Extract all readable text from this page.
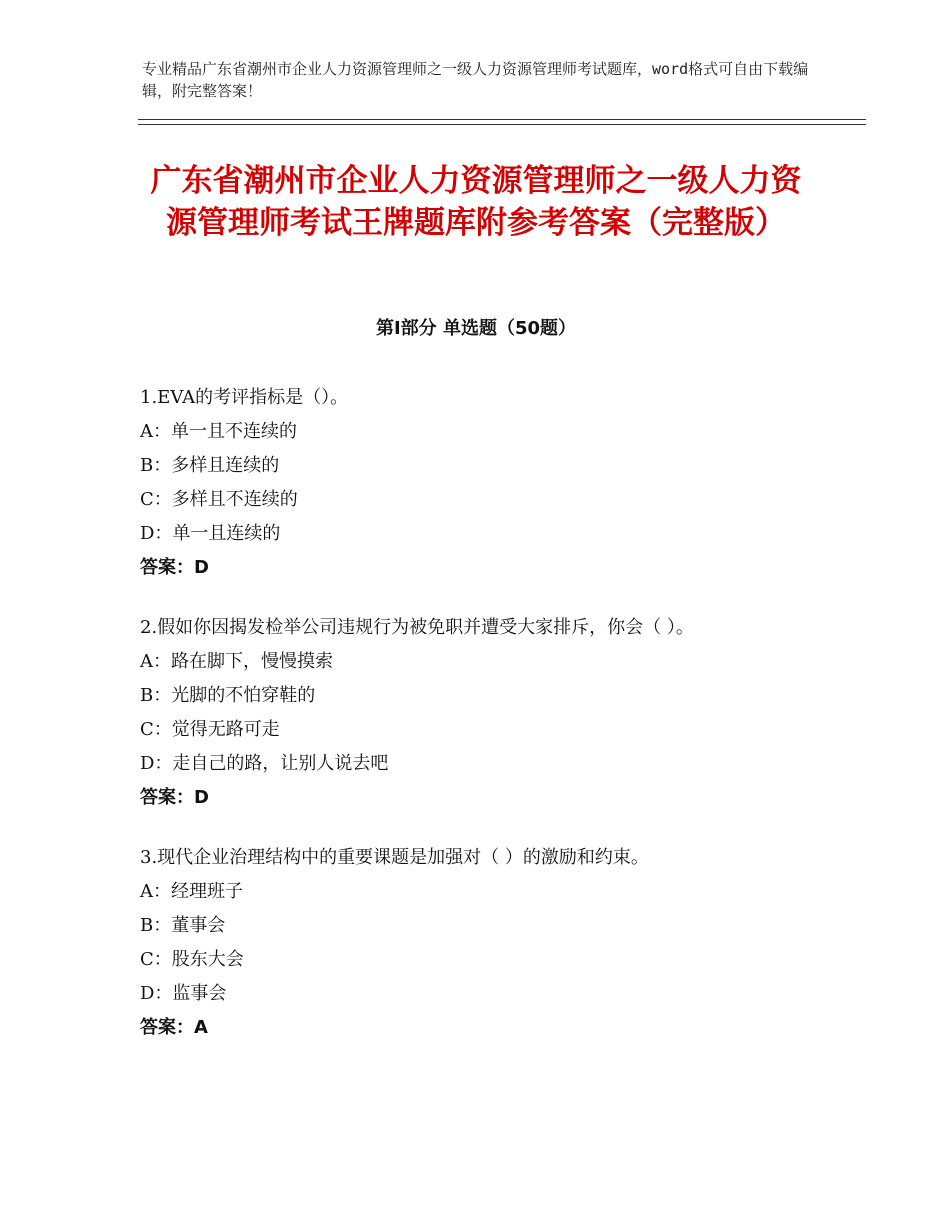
专业精品广东省潮州市企业人力资源管理师之一级人力资源管理师考试题库，word格式可自由下载编辑，附完整答案！
广东省潮州市企业人力资源管理师之一级人力资源管理师考试王牌题库附参考答案（完整版）
第Ⅰ部分 单选题（50题）
1.EVA的考评指标是（）。
A：单一且不连续的
B：多样且连续的
C：多样且不连续的
D：单一且连续的
答案：D
2.假如你因揭发检举公司违规行为被免职并遭受大家排斥，你会（ ）。
A：路在脚下，慢慢摸索
B：光脚的不怕穿鞋的
C：觉得无路可走
D：走自己的路，让别人说去吧
答案：D
3.现代企业治理结构中的重要课题是加强对（ ）的激励和约束。
A：经理班子
B：董事会
C：股东大会
D：监事会
答案：A
